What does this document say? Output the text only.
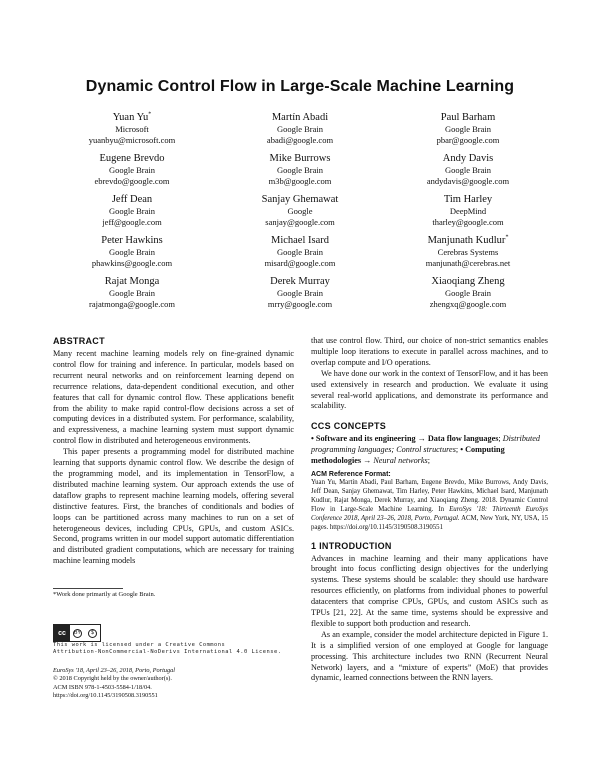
Dynamic Control Flow in Large-Scale Machine Learning
Yuan Yu*
Microsoft
yuanbyu@microsoft.com
Martín Abadi
Google Brain
abadi@google.com
Paul Barham
Google Brain
pbar@google.com
Eugene Brevdo
Google Brain
ebrevdo@google.com
Mike Burrows
Google Brain
m3b@google.com
Andy Davis
Google Brain
andydavis@google.com
Jeff Dean
Google Brain
jeff@google.com
Sanjay Ghemawat
Google
sanjay@google.com
Tim Harley
DeepMind
tharley@google.com
Peter Hawkins
Google Brain
phawkins@google.com
Michael Isard
Google Brain
misard@google.com
Manjunath Kudlur*
Cerebras Systems
manjunath@cerebras.net
Rajat Monga
Google Brain
rajatmonga@google.com
Derek Murray
Google Brain
mrry@google.com
Xiaoqiang Zheng
Google Brain
zhengxq@google.com
ABSTRACT

Many recent machine learning models rely on fine-grained dynamic control flow for training and inference. In particular, models based on recurrent neural networks and on reinforcement learning depend on recurrence relations, data-dependent conditional execution, and other features that call for dynamic control flow. These applications benefit from the ability to make rapid control-flow decisions across a set of computing devices in a distributed system. For performance, scalability, and expressiveness, a machine learning system must support dynamic control flow in distributed and heterogeneous environments.

This paper presents a programming model for distributed machine learning that supports dynamic control flow. We describe the design of the programming model, and its implementation in TensorFlow, a distributed machine learning system. Our approach extends the use of dataflow graphs to represent machine learning models, offering several distinctive features. First, the branches of conditionals and bodies of loops can be partitioned across many machines to run on a set of heterogeneous devices, including CPUs, GPUs, and custom ASICs. Second, programs written in our model support automatic differentiation and distributed gradient computations, which are necessary for training machine learning models

*Work done primarily at Google Brain.
cc	BY	$
This work is licensed under a Creative Commons
Attribution-NonCommercial-NoDerivs International 4.0 License.
EuroSys '18, April 23–26, 2018, Porto, Portugal
© 2018 Copyright held by the owner/author(s).
ACM ISBN 978-1-4503-5584-1/18/04.
https://doi.org/10.1145/3190508.3190551

that use control flow. Third, our choice of non-strict semantics enables multiple loop iterations to execute in parallel across machines, and to overlap compute and I/O operations.

We have done our work in the context of TensorFlow, and it has been used extensively in research and production. We evaluate it using several real-world applications, and demonstrate its performance and scalability.

CCS CONCEPTS

• Software and its engineering → Data flow languages; Distributed programming languages; Control structures; • Computing methodologies → Neural networks;

ACM Reference Format:

Yuan Yu, Martín Abadi, Paul Barham, Eugene Brevdo, Mike Burrows, Andy Davis, Jeff Dean, Sanjay Ghemawat, Tim Harley, Peter Hawkins, Michael Isard, Manjunath Kudlur, Rajat Monga, Derek Murray, and Xiaoqiang Zheng. 2018. Dynamic Control Flow in Large-Scale Machine Learning. In EuroSys '18: Thirteenth EuroSys Conference 2018, April 23–26, 2018, Porto, Portugal. ACM, New York, NY, USA, 15 pages. https://doi.org/10.1145/3190508.3190551

1 INTRODUCTION

Advances in machine learning and their many applications have brought into focus conflicting design objectives for the underlying systems. These systems should be scalable: they should use hardware resources efficiently, on platforms from individual phones to powerful datacenters that comprise CPUs, GPUs, and custom ASICs such as TPUs [21, 22]. At the same time, systems should be expressive and flexible to support both production and research.

As an example, consider the model architecture depicted in Figure 1. It is a simplified version of one employed at Google for language processing. This architecture includes two RNN (Recurrent Neural Network) layers, and a “mixture of experts” (MoE) that provides dynamic, learned connections between the RNN layers.
